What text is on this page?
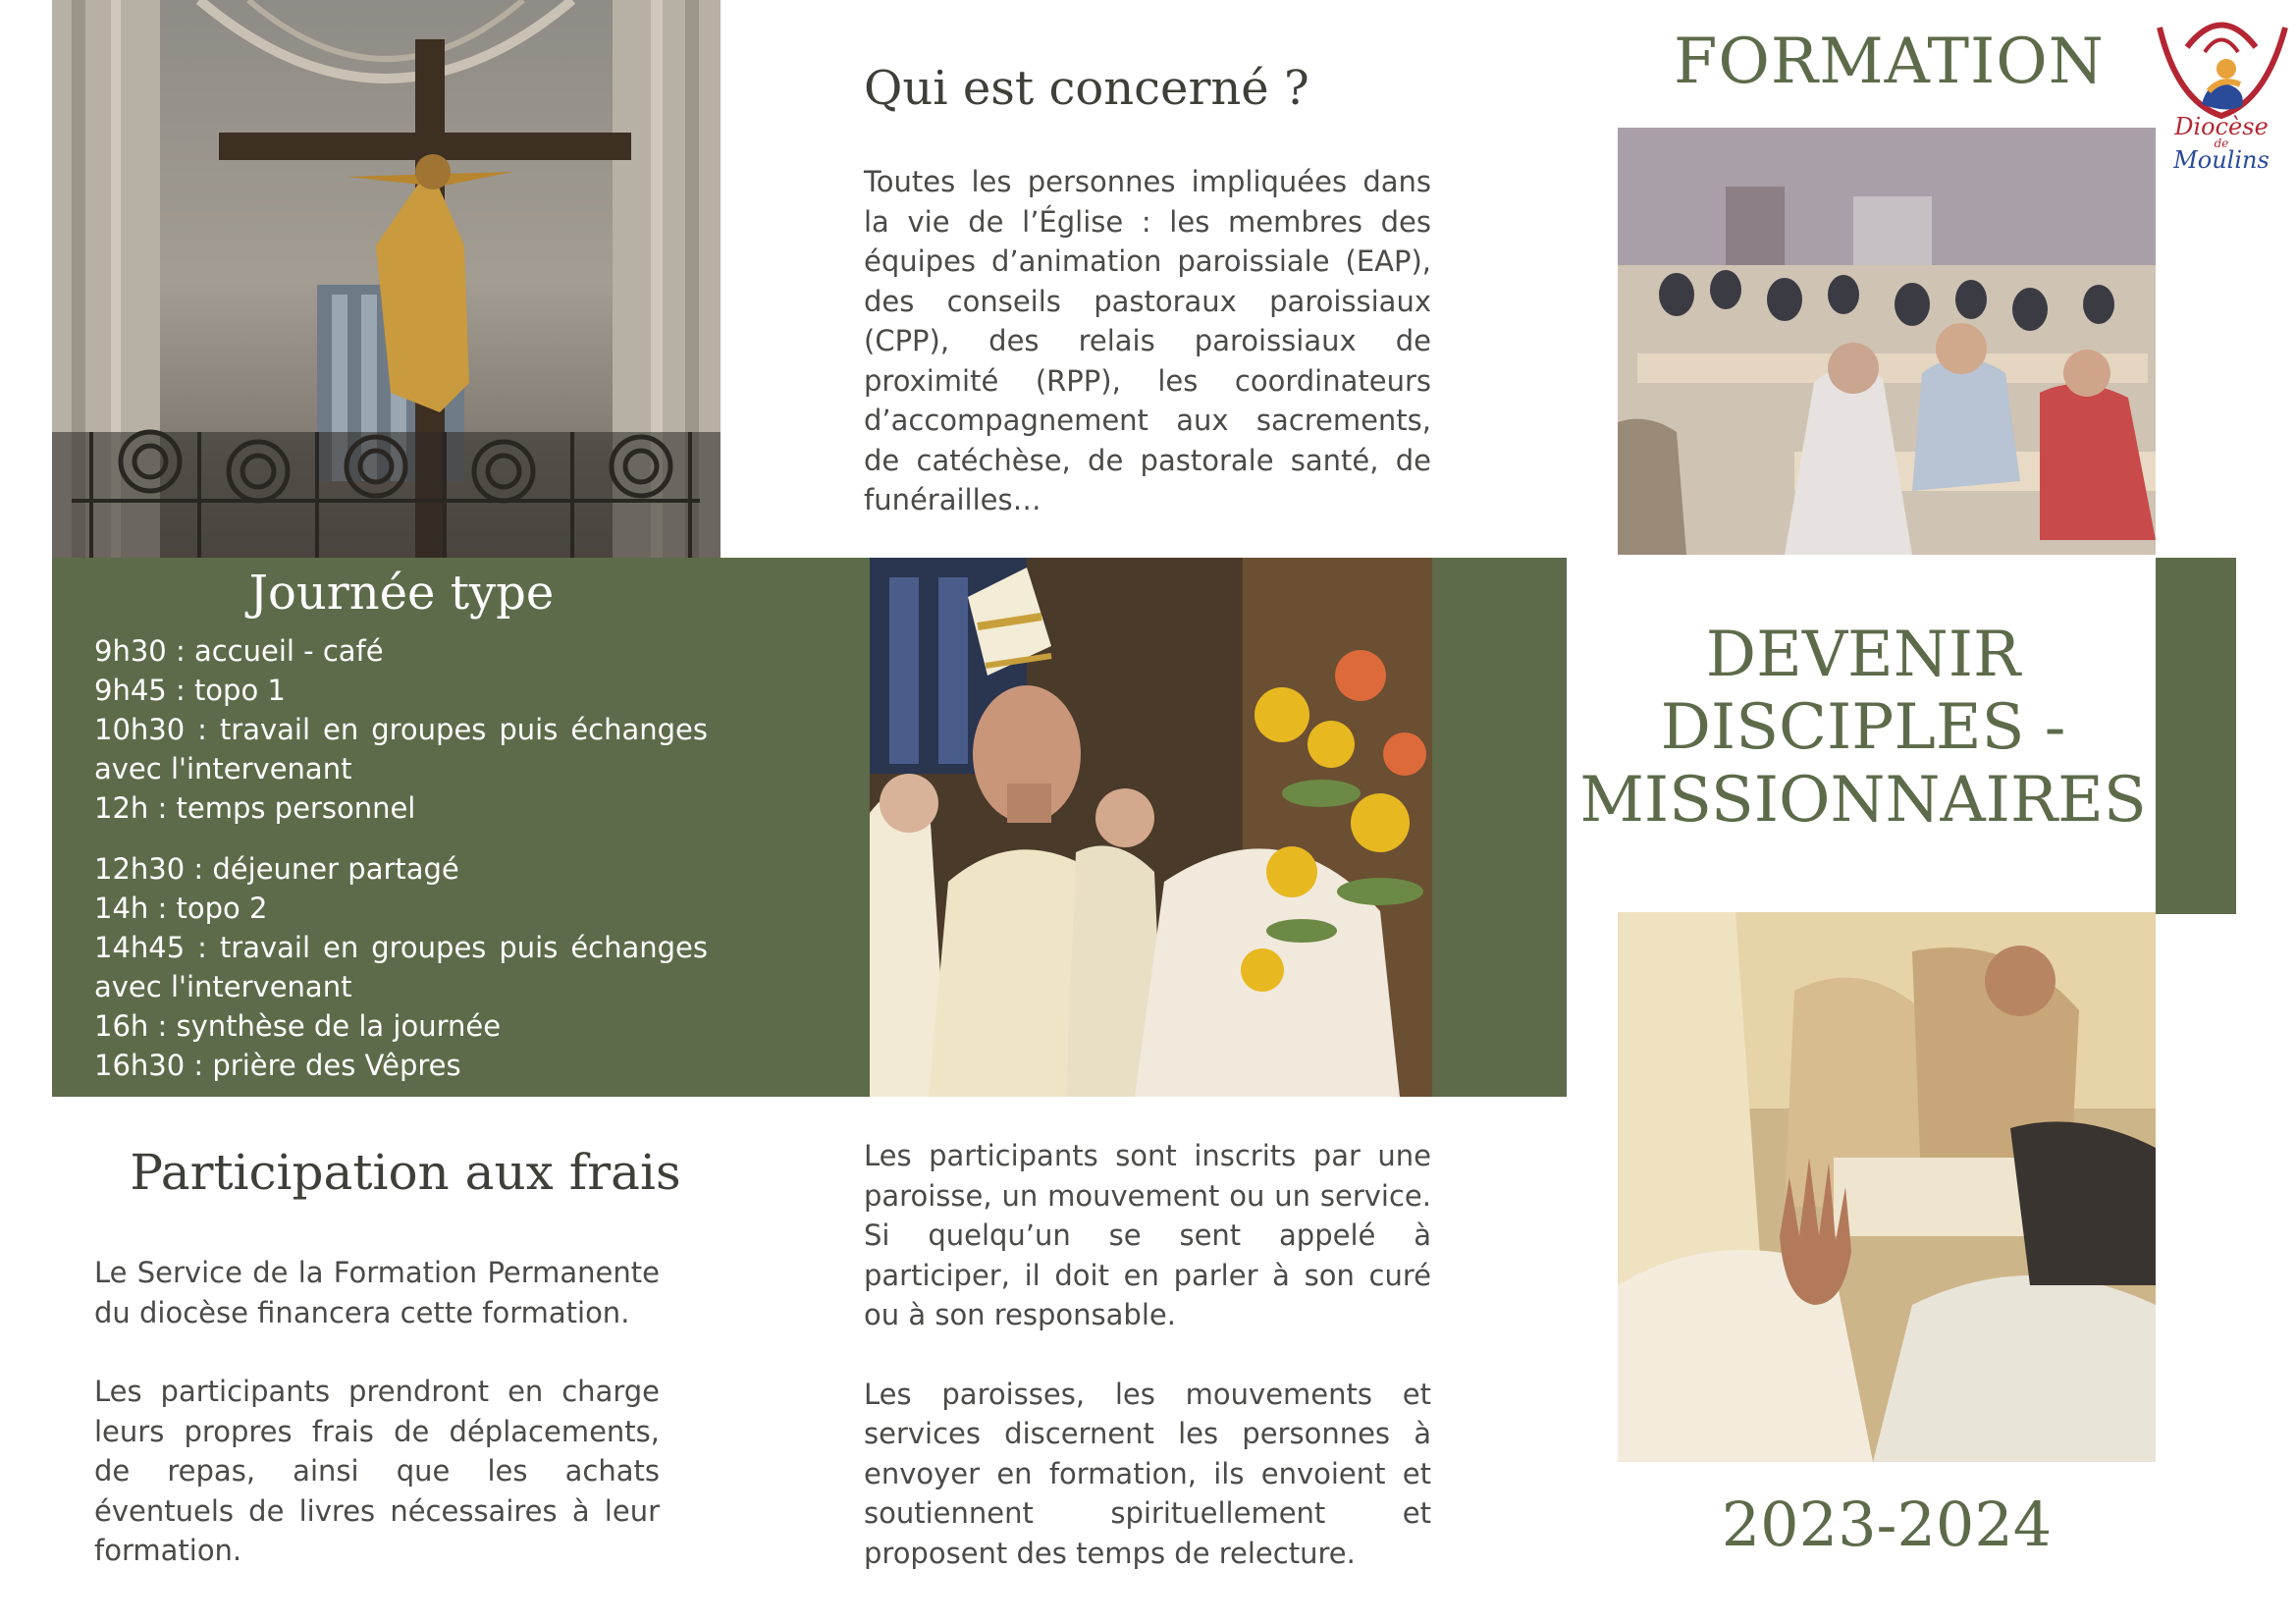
Qui est concerné ?

Toutes les personnes impliquées dans la vie de l’Église : les membres des équipes d’animation paroissiale (EAP), des conseils pastoraux paroissiaux (CPP), des relais paroissiaux de proximité (RPP), les coordinateurs d’accompagnement aux sacrements, de catéchèse, de pastorale santé, de funérailles…

FORMATION
Diocèse
de
Moulins
Journée type
9h30 : accueil - café
9h45 : topo 1
10h30 : travail en groupes puis échanges avec l'intervenant
12h : temps personnel
12h30 : déjeuner partagé
14h : topo 2
14h45 : travail en groupes puis échanges avec l'intervenant
16h : synthèse de la journée
16h30 : prière des Vêpres
DEVENIR
DISCIPLES -
MISSIONNAIRES
2023-2024
Participation aux frais

Le Service de la Formation Permanente du diocèse financera cette formation.

Les participants prendront en charge leurs propres frais de déplacements, de repas, ainsi que les achats éventuels de livres nécessaires à leur formation.

Les participants sont inscrits par une paroisse, un mouvement ou un service. Si quelqu’un se sent appelé à participer, il doit en parler à son curé ou à son responsable.

Les paroisses, les mouvements et services discernent les personnes à envoyer en formation, ils envoient et soutiennent spirituellement et proposent des temps de relecture.
